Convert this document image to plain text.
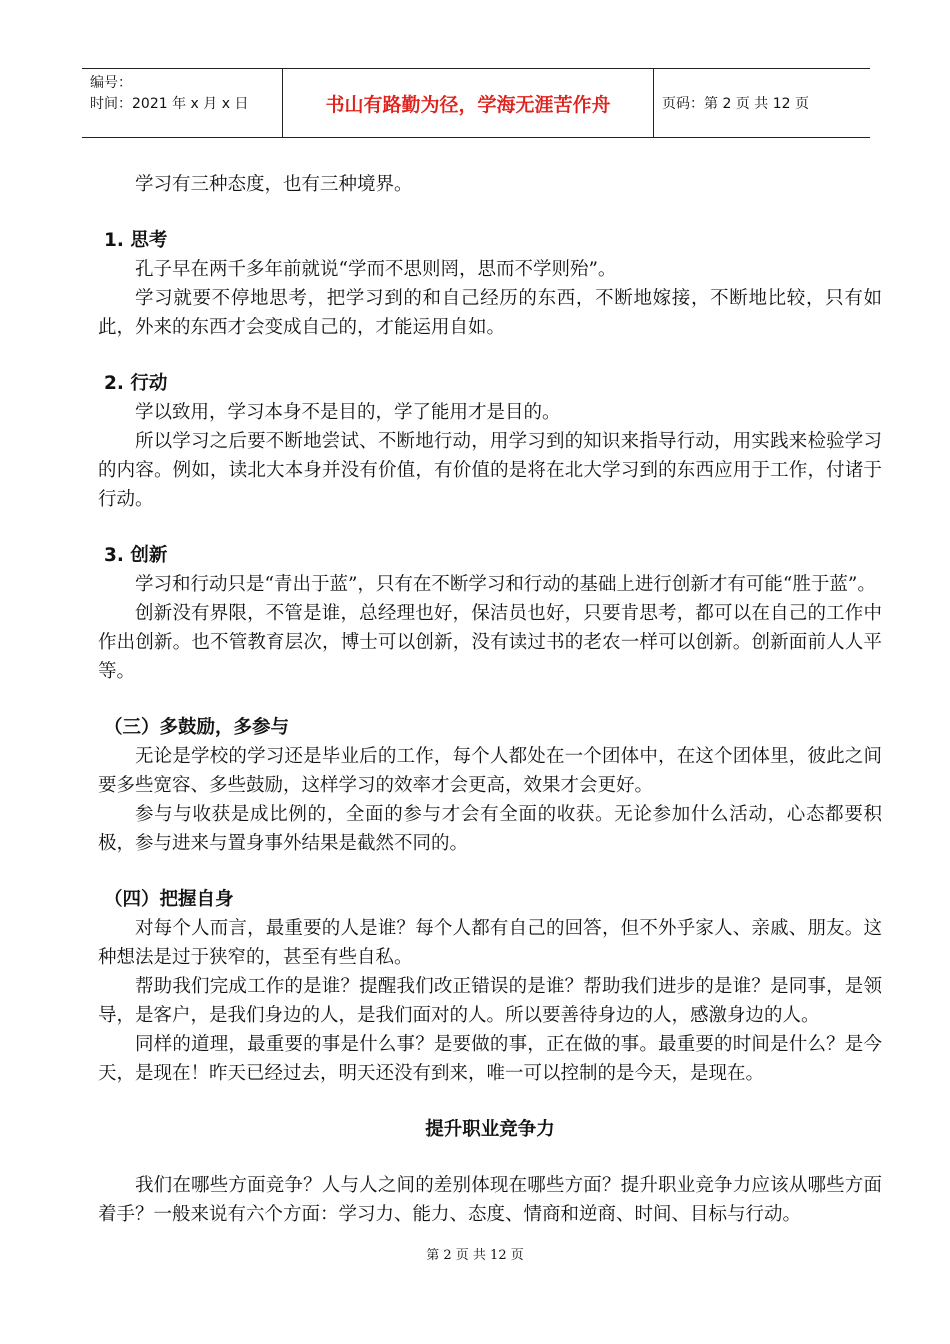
编号：
时间：2021 年 x 月 x 日	书山有路勤为径，学海无涯苦作舟	页码：第 2 页 共 12 页

学习有三种态度，也有三种境界。

1. 思考

孔子早在两千多年前就说“学而不思则罔，思而不学则殆”。

学习就要不停地思考，把学习到的和自己经历的东西，不断地嫁接，不断地比较，只有如此，外来的东西才会变成自己的，才能运用自如。

2. 行动

学以致用，学习本身不是目的，学了能用才是目的。

所以学习之后要不断地尝试、不断地行动，用学习到的知识来指导行动，用实践来检验学习的内容。例如，读北大本身并没有价值，有价值的是将在北大学习到的东西应用于工作，付诸于行动。

3. 创新

学习和行动只是“青出于蓝”，只有在不断学习和行动的基础上进行创新才有可能“胜于蓝”。

创新没有界限，不管是谁，总经理也好，保洁员也好，只要肯思考，都可以在自己的工作中作出创新。也不管教育层次，博士可以创新，没有读过书的老农一样可以创新。创新面前人人平等。

（三）多鼓励，多参与

无论是学校的学习还是毕业后的工作，每个人都处在一个团体中，在这个团体里，彼此之间要多些宽容、多些鼓励，这样学习的效率才会更高，效果才会更好。

参与与收获是成比例的，全面的参与才会有全面的收获。无论参加什么活动，心态都要积极，参与进来与置身事外结果是截然不同的。

（四）把握自身

对每个人而言，最重要的人是谁？每个人都有自己的回答，但不外乎家人、亲戚、朋友。这种想法是过于狭窄的，甚至有些自私。

帮助我们完成工作的是谁？提醒我们改正错误的是谁？帮助我们进步的是谁？是同事，是领导，是客户，是我们身边的人，是我们面对的人。所以要善待身边的人，感激身边的人。

同样的道理，最重要的事是什么事？是要做的事，正在做的事。最重要的时间是什么？是今天，是现在！昨天已经过去，明天还没有到来，唯一可以控制的是今天，是现在。

提升职业竞争力

我们在哪些方面竞争？人与人之间的差别体现在哪些方面？提升职业竞争力应该从哪些方面着手？一般来说有六个方面：学习力、能力、态度、情商和逆商、时间、目标与行动。

第 2 页 共 12 页
